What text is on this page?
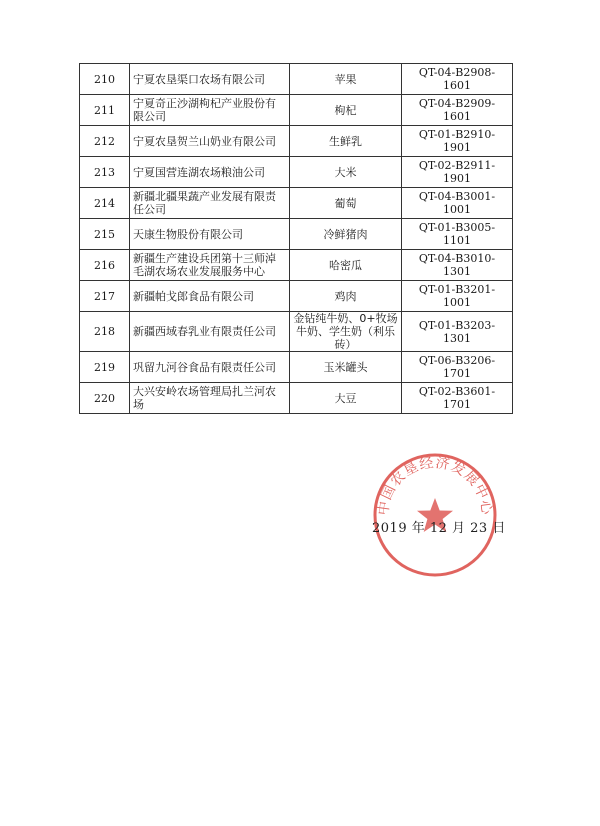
210	宁夏农垦渠口农场有限公司	苹果	QT-04-B2908-1601
211	宁夏奇正沙湖枸杞产业股份有限公司	枸杞	QT-04-B2909-1601
212	宁夏农垦贺兰山奶业有限公司	生鲜乳	QT-01-B2910-1901
213	宁夏国营连湖农场粮油公司	大米	QT-02-B2911-1901
214	新疆北疆果蔬产业发展有限责任公司	葡萄	QT-04-B3001-1001
215	天康生物股份有限公司	冷鲜猪肉	QT-01-B3005-1101
216	新疆生产建设兵团第十三师淖毛湖农场农业发展服务中心	哈密瓜	QT-04-B3010-1301
217	新疆帕戈郎食品有限公司	鸡肉	QT-01-B3201-1001
218	新疆西域春乳业有限责任公司	金钻纯牛奶、0+牧场牛奶、学生奶（利乐砖）	QT-01-B3203-1301
219	巩留九河谷食品有限责任公司	玉米罐头	QT-06-B3206-1701
220	大兴安岭农场管理局扎兰河农场	大豆	QT-02-B3601-1701
中国农垦经济发展中心
2019 年 12 月 23 日
